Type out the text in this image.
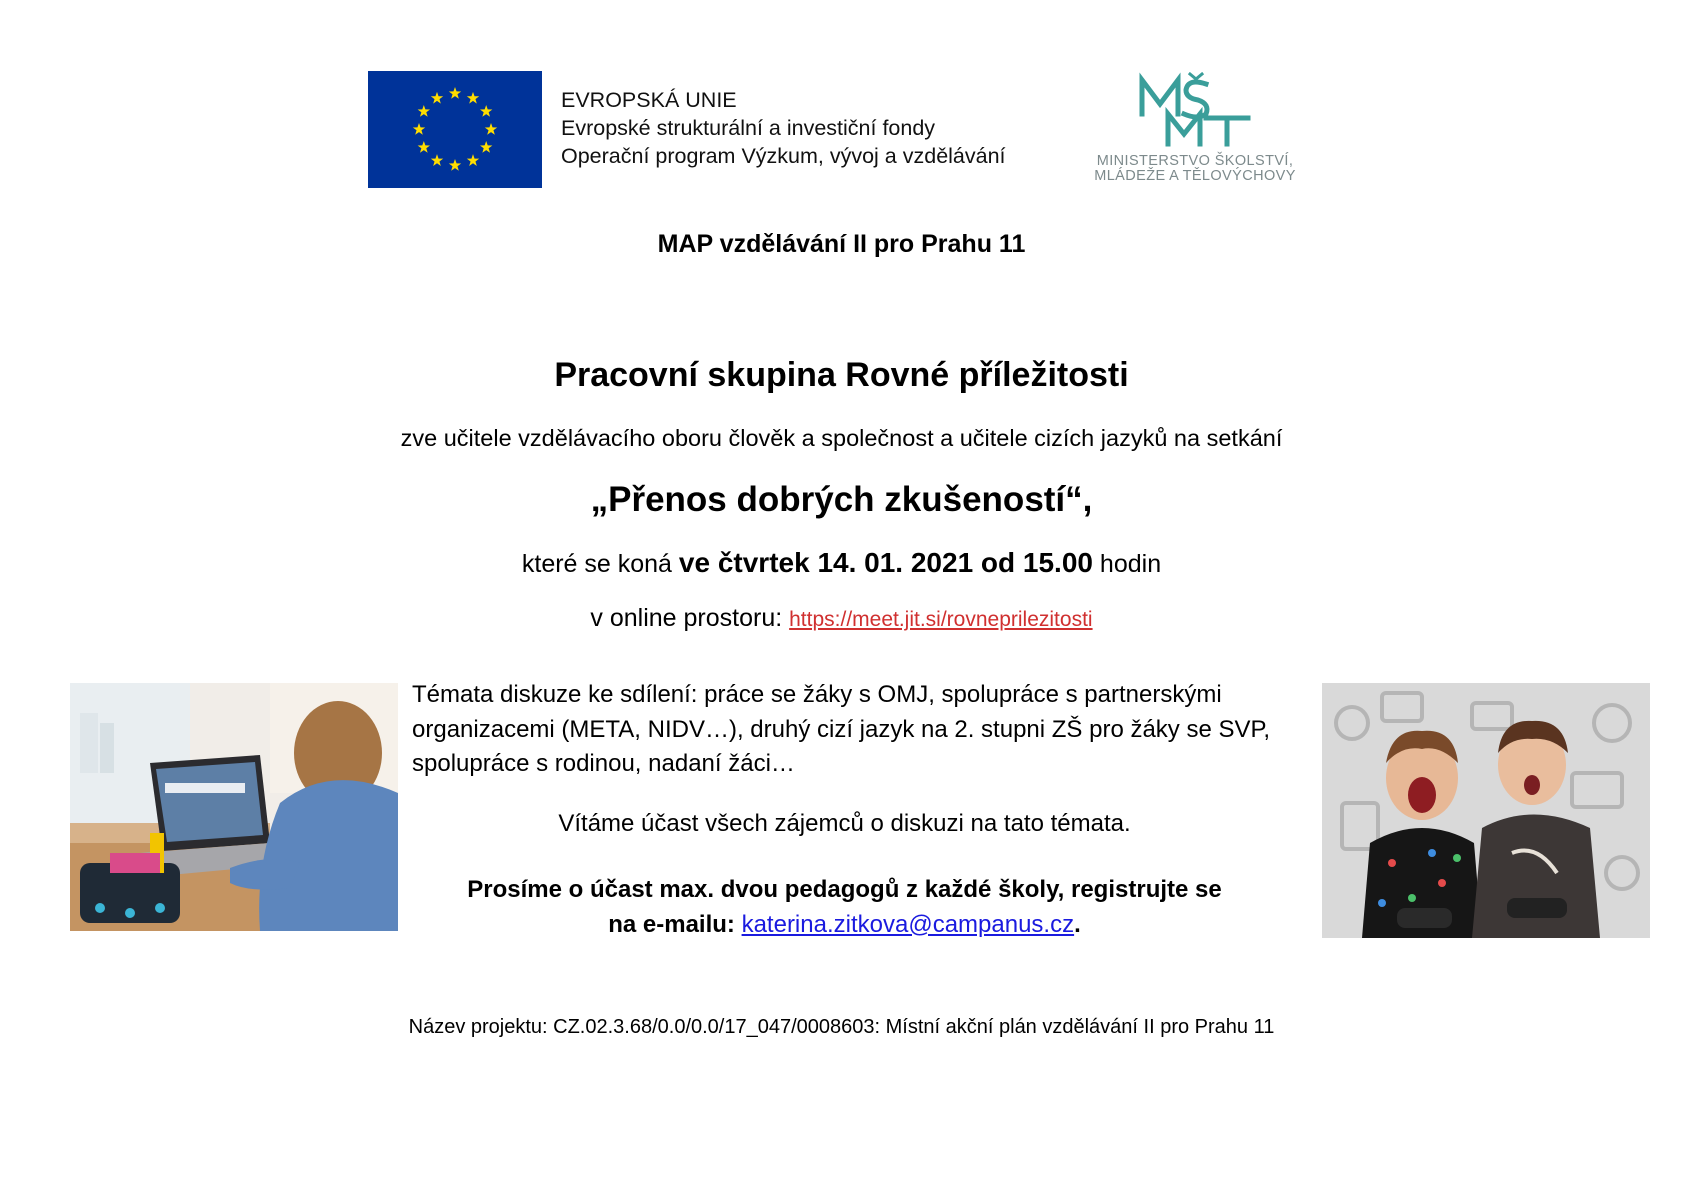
EVROPSKÁ UNIE
Evropské strukturální a investiční fondy
Operační program Výzkum, vývoj a vzdělávání	MINISTERSTVO ŠKOLSTVÍ,
MLÁDEŽE A TĚLOVÝCHOVY
MAP vzdělávání II pro Prahu 11
Pracovní skupina Rovné příležitosti
zve učitele vzdělávacího oboru člověk a společnost a učitele cizích jazyků na setkání
„Přenos dobrých zkušeností“,
které se koná ve čtvrtek 14. 01. 2021 od 15.00 hodin
v online prostoru: https://meet.jit.si/rovneprilezitosti
Témata diskuze ke sdílení: práce se žáky s OMJ, spolupráce s partnerskými organizacemi (META, NIDV…), druhý cizí jazyk na 2. stupni ZŠ pro žáky se SVP, spolupráce s rodinou, nadaní žáci…
Vítáme účast všech zájemců o diskuzi na tato témata.
Prosíme o účast max. dvou pedagogů z každé školy, registrujte se
na e-mailu: katerina.zitkova@campanus.cz.
Název projektu: CZ.02.3.68/0.0/0.0/17_047/0008603: Místní akční plán vzdělávání II pro Prahu 11
